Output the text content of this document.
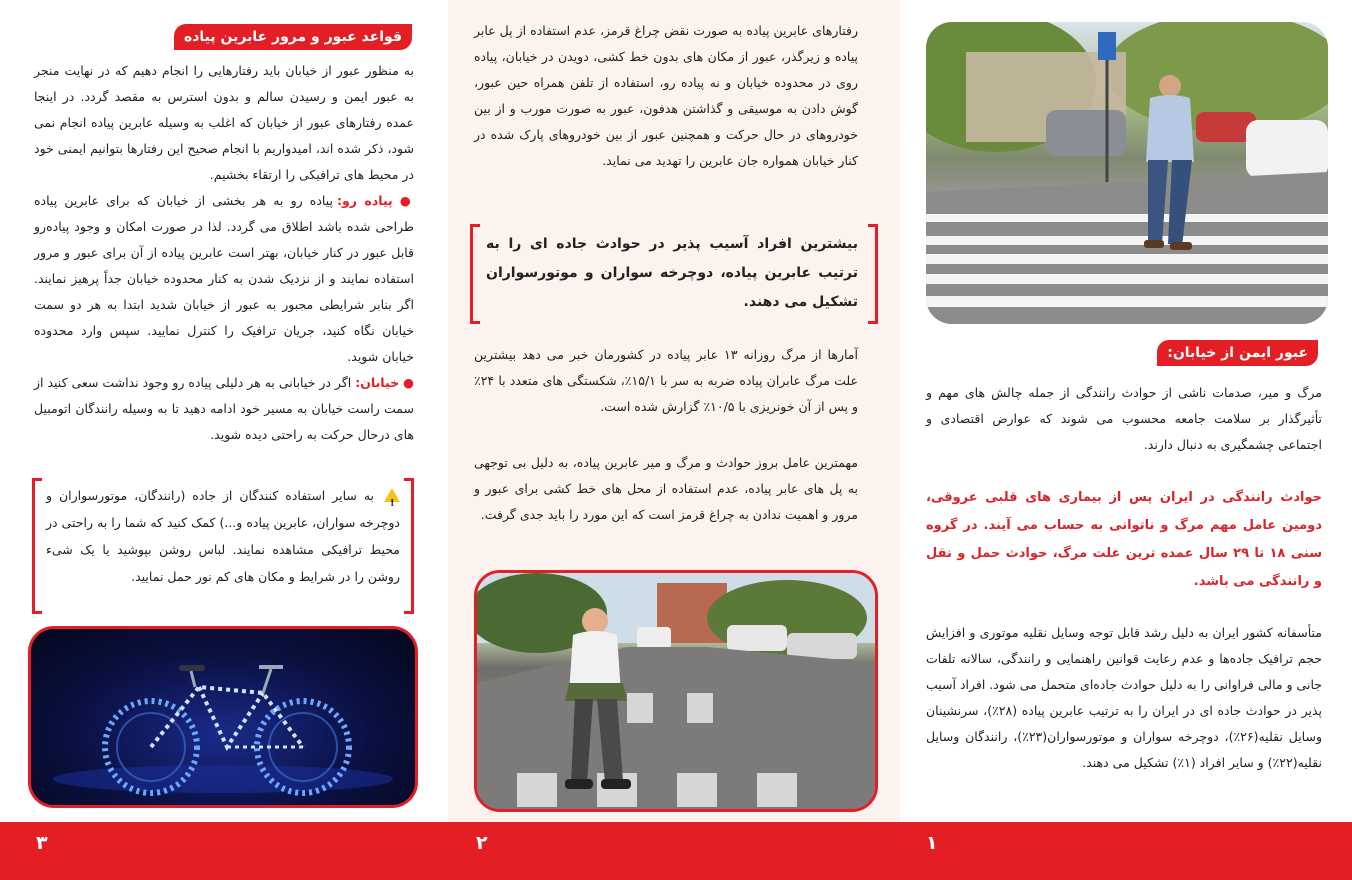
قواعد عبور و مرور عابرین پیاده
به منظور عبور از خیابان باید رفتارهایی را انجام دهیم که در نهایت منجر به عبور ایمن و رسیدن سالم و بدون استرس به مقصد گردد. در اینجا عمده رفتارهای عبور از خیابان که اغلب به وسیله عابرین پیاده انجام نمی شود، ذکر شده اند، امیدواریم با انجام صحیح این رفتارها بتوانیم ایمنی خود در محیط های ترافیکی را ارتقاء بخشیم.
● پیاده رو: پیاده رو به هر بخشی از خیابان که برای عابرین پیاده طراحی شده باشد اطلاق می گردد. لذا در صورت امکان و وجود پیاده‌رو قابل عبور در کنار خیابان، بهتر است عابرین پیاده از آن برای عبور و مرور استفاده نمایند و از نزدیک شدن به کنار محدوده خیابان جداً پرهیز نمایند. اگر بنابر شرایطی مجبور به عبور از خیابان شدید ابتدا به هر دو سمت خیابان نگاه کنید، جریان ترافیک را کنترل نمایید. سپس وارد محدوده خیابان شوید.
● خیابان: اگر در خیابانی به هر دلیلی پیاده رو وجود نداشت سعی کنید از سمت راست خیابان به مسیر خود ادامه دهید تا به وسیله رانندگان اتومبیل های درحال حرکت به راحتی دیده شوید.
! به سایر استفاده کنندگان از جاده (رانندگان، موتورسواران و دوچرخه سواران، عابرین پیاده و...) کمک کنید که شما را به راحتی در محیط ترافیکی مشاهده نمایند. لباس روشن بپوشید یا یک شیء روشن را در شرایط و مکان های کم نور حمل نمایید.
رفتارهای عابرین پیاده به صورت نقض چراغ قرمز، عدم استفاده از پل عابر پیاده و زیرگذر، عبور از مکان های بدون خط کشی، دویدن در خیابان، پیاده روی در محدوده خیابان و نه پیاده رو، استفاده از تلفن همراه حین عبور، گوش دادن به موسیقی و گذاشتن هدفون، عبور به صورت مورب و از بین خودروهای در حال حرکت و همچنین عبور از بین خودروهای پارک شده در کنار خیابان همواره جان عابرین را تهدید می نماید.
بیشترین افراد آسیب پذیر در حوادث جاده ای را به ترتیب عابرین پیاده، دوچرخه سواران و موتورسواران تشکیل می دهند.
آمارها از مرگ روزانه ۱۳ عابر پیاده در کشورمان خبر می دهد بیشترین علت مرگ عابران پیاده ضربه به سر با ۱۵/۱٪، شکستگی های متعدد با ۲۴٪ و پس از آن خونریزی با ۱۰/۵٪ گزارش شده است.
مهمترین عامل بروز حوادث و مرگ و میر عابرین پیاده، به دلیل بی توجهی به پل های عابر پیاده، عدم استفاده از محل های خط کشی برای عبور و مرور و اهمیت ندادن به چراغ قرمز است که این مورد را باید جدی گرفت.
عبور ایمن از خیابان:
مرگ و میر، صدمات ناشی از حوادث رانندگی از جمله چالش های مهم و تأثیرگذار بر سلامت جامعه محسوب می شوند که عوارض اقتصادی و اجتماعی چشمگیری به دنبال دارند.
حوادث رانندگی در ایران پس از بیماری های قلبی عروقی، دومین عامل مهم مرگ و ناتوانی به حساب می آیند. در گروه سنی ۱۸ تا ۲۹ سال عمده ترین علت مرگ، حوادث حمل و نقل و رانندگی می باشد.
متأسفانه کشور ایران به دلیل رشد قابل توجه وسایل نقلیه موتوری و افزایش حجم ترافیک جاده‌ها و عدم رعایت قوانین راهنمایی و رانندگی، سالانه تلفات جانی و مالی فراوانی را به دلیل حوادث جاده‌ای متحمل می شود. افراد آسیب پذیر در حوادث جاده ای در ایران را به ترتیب عابرین پیاده (۲۸٪)، سرنشینان وسایل نقلیه(۲۶٪)، دوچرخه سواران و موتورسواران(۲۳٪)، رانندگان وسایل نقلیه(۲۲٪) و سایر افراد (۱٪) تشکیل می دهند.
۳	۲	۱
